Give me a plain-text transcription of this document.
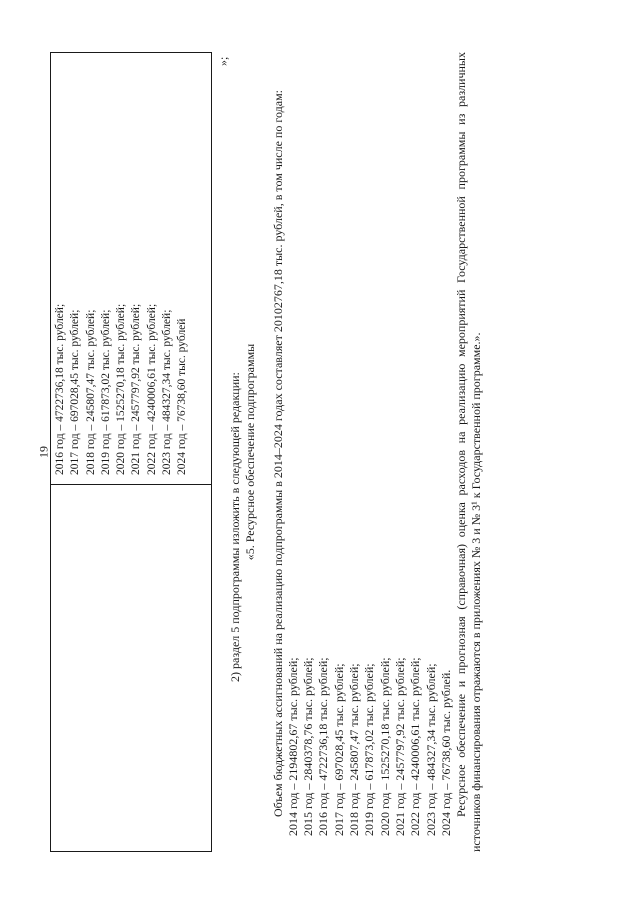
19 2016 год – 4722736,18 тыс. рублей; 2017 год – 697028,45 тыс. рублей; 2018 год – 245807,47 тыс. рублей; 2019 год – 617873,02 тыс. рублей; 2020 год – 1525270,18 тыс. рублей; 2021 год – 2457797,92 тыс. рублей; 2022 год – 4240006,61 тыс. рублей; 2023 год – 484327,34 тыс. рублей; 2024 год – 76738,60 тыс. рублей
»;

2) раздел 5 подпрограммы изложить в следующей редакции: «5. Ресурсное обеспечение подпрограммы Объем бюджетных ассигнований на реализацию подпрограммы в 2014–2024 годах составляет 20102767,18 тыс. рублей, в том числе по годам: 2014 год – 2194802,67 тыс. рублей; 2015 год – 2840378,76 тыс. рублей; 2016 год – 4722736,18 тыс. рублей; 2017 год – 697028,45 тыс. рублей; 2018 год – 245807,47 тыс. рублей; 2019 год – 617873,02 тыс. рублей; 2020 год – 1525270,18 тыс. рублей; 2021 год – 2457797,92 тыс. рублей; 2022 год – 4240006,61 тыс. рублей; 2023 год – 484327,34 тыс. рублей; 2024 год – 76738,60 тыс. рублей. Ресурсное обеспечение и прогнозная (справочная) оценка расходов на реализацию мероприятий Государственной программы из различных источников финансирования отражаются в приложениях № 3 и № 3¹ к Государственной программе.».
